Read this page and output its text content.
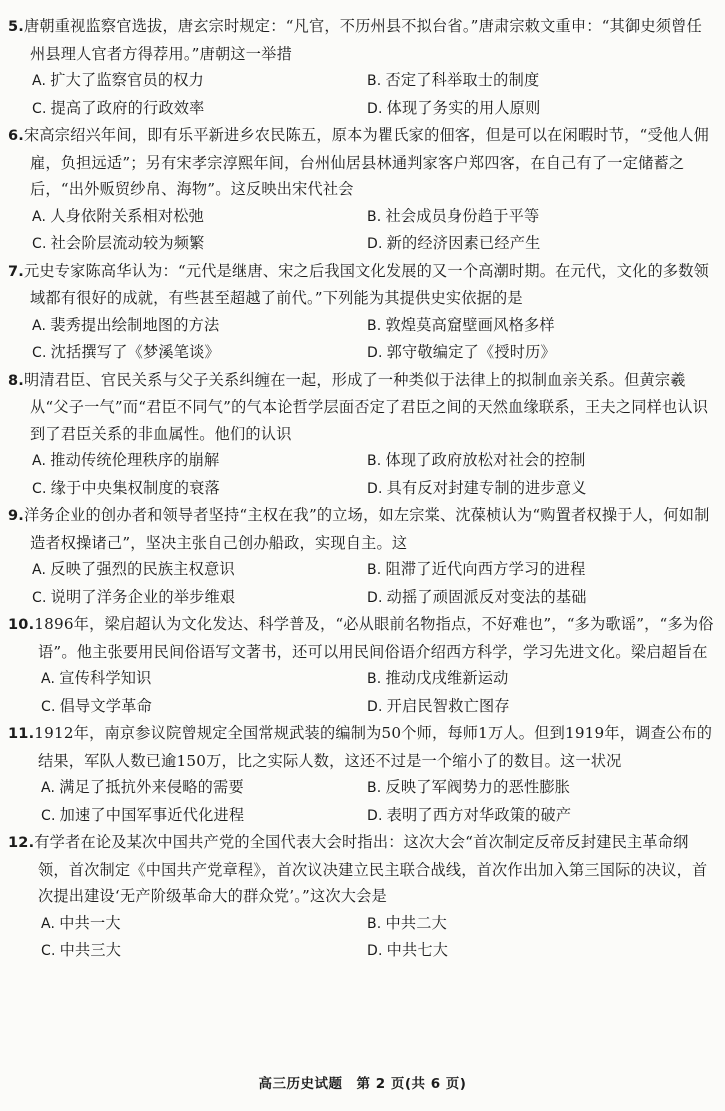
5.唐朝重视监察官选拔，唐玄宗时规定：“凡官，不历州县不拟台省。”唐肃宗敕文重申：“其御史须曾任州县理人官者方得荐用。”唐朝这一举措

A. 扩大了监察官员的权力	B. 否定了科举取士的制度
C. 提高了政府的行政效率	D. 体现了务实的用人原则

6.宋高宗绍兴年间，即有乐平新进乡农民陈五，原本为瞿氏家的佃客，但是可以在闲暇时节，“受他人佣雇，负担远适”；另有宋孝宗淳熙年间，台州仙居县林通判家客户郑四客，在自己有了一定储蓄之后，“出外贩贸纱帛、海物”。这反映出宋代社会

A. 人身依附关系相对松弛	B. 社会成员身份趋于平等
C. 社会阶层流动较为频繁	D. 新的经济因素已经产生

7.元史专家陈高华认为：“元代是继唐、宋之后我国文化发展的又一个高潮时期。在元代，文化的多数领域都有很好的成就，有些甚至超越了前代。”下列能为其提供史实依据的是

A. 裴秀提出绘制地图的方法	B. 敦煌莫高窟壁画风格多样
C. 沈括撰写了《梦溪笔谈》	D. 郭守敬编定了《授时历》

8.明清君臣、官民关系与父子关系纠缠在一起，形成了一种类似于法律上的拟制血亲关系。但黄宗羲从“父子一气”而“君臣不同气”的气本论哲学层面否定了君臣之间的天然血缘联系，王夫之同样也认识到了君臣关系的非血属性。他们的认识

A. 推动传统伦理秩序的崩解	B. 体现了政府放松对社会的控制
C. 缘于中央集权制度的衰落	D. 具有反对封建专制的进步意义

9.洋务企业的创办者和领导者坚持“主权在我”的立场，如左宗棠、沈葆桢认为“购置者权操于人，何如制造者权操诸己”，坚决主张自己创办船政，实现自主。这

A. 反映了强烈的民族主权意识	B. 阻滞了近代向西方学习的进程
C. 说明了洋务企业的举步维艰	D. 动摇了顽固派反对变法的基础

10.1896年，梁启超认为文化发达、科学普及，“必从眼前名物指点，不好难也”，“多为歌谣”，“多为俗语”。他主张要用民间俗语写文著书，还可以用民间俗语介绍西方科学，学习先进文化。梁启超旨在

A. 宣传科学知识	B. 推动戊戌维新运动
C. 倡导文学革命	D. 开启民智救亡图存

11.1912年，南京参议院曾规定全国常规武装的编制为50个师，每师1万人。但到1919年，调查公布的结果，军队人数已逾150万，比之实际人数，这还不过是一个缩小了的数目。这一状况

A. 满足了抵抗外来侵略的需要	B. 反映了军阀势力的恶性膨胀
C. 加速了中国军事近代化进程	D. 表明了西方对华政策的破产

12.有学者在论及某次中国共产党的全国代表大会时指出：这次大会“首次制定反帝反封建民主革命纲领，首次制定《中国共产党章程》，首次议决建立民主联合战线，首次作出加入第三国际的决议，首次提出建设‘无产阶级革命大的群众党’。”这次大会是

A. 中共一大	B. 中共二大
C. 中共三大	D. 中共七大
高三历史试题　第 2 页(共 6 页)
